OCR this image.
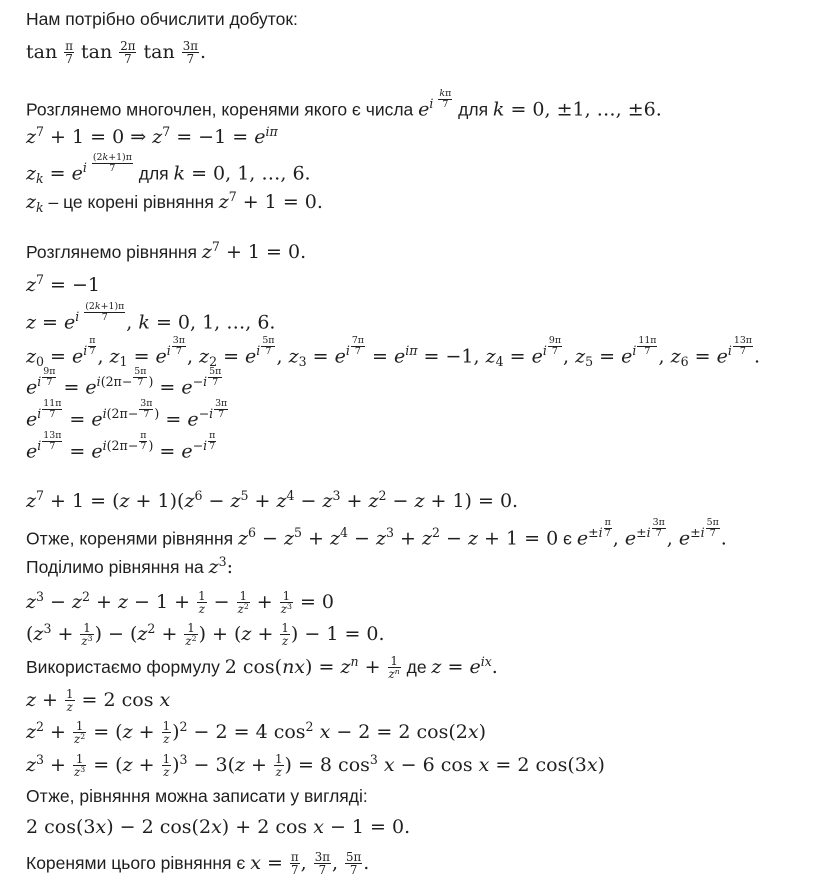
Нам потрібно обчислити добуток:
$\tan \frac{\pi}{7}$ $\tan \frac{2\pi}{7}$ $\tan \frac{3\pi}{7}$ .
Розглянемо многочлен, коренями якого є числа $e^{i \frac{k\pi}{7}}$ для k = 0, ±1, …, ±6.
$z^7 + 1 = 0$ ⇒ $z^7 = -1 = e^{i\pi}$
$z_k = e^{i \frac{(2k+1)\pi}{7}}$ для k = 0, 1, …, 6.
$z_k$ – це корені рівняння $z^7 + 1 = 0$.
Розглянемо рівняння $z^7 + 1 = 0$.
$z^7 = -1$
$z = e^{i \frac{(2k+1)\pi}{7}}$ , k = 0, 1, …, 6.
$z_0 = e^{i \frac{\pi}{7}}$ , $z_1 = e^{i \frac{3\pi}{7}}$ , $z_2 = e^{i \frac{5\pi}{7}}$ , $z_3 = e^{i \frac{7\pi}{7}} = e^{i\pi} = -1$, $z_4 = e^{i \frac{9\pi}{7}}$ , $z_5 = e^{i \frac{11\pi}{7}}$ , $z_6 = e^{i \frac{13\pi}{7}}$ .
$e^{i \frac{9\pi}{7}} = e^{i(2\pi- \frac{5\pi}{7} )} = e^{-i \frac{5\pi}{7}}$
$e^{i \frac{11\pi}{7}} = e^{i(2\pi- \frac{3\pi}{7} )} = e^{-i \frac{3\pi}{7}}$
$e^{i \frac{13\pi}{7}} = e^{i(2\pi- \frac{\pi}{7} )} = e^{-i \frac{\pi}{7}}$
$z^7 + 1 = (z + 1)(z^6 - z^5 + z^4 - z^3 + z^2 - z + 1) = 0$.
Отже, коренями рівняння $z^6 - z^5 + z^4 - z^3 + z^2 - z + 1 = 0$ є $e^{\pm i \frac{\pi}{7}}$ , $e^{\pm i \frac{3\pi}{7}}$ , $e^{\pm i \frac{5\pi}{7}}$ .
Поділимо рівняння на $z^3$:
$z^3 - z^2 + z - 1 + \frac{1}{z} - \frac{1}{z^2} + \frac{1}{z^3} = 0$
($z^3 + \frac{1}{z^3}$ ) − ($z^2 + \frac{1}{z^2}$ ) + ($z + \frac{1}{z}$ ) − 1 = 0.
Використаємо формулу 2 $\cos(nx) = z^n + \frac{1}{z^n}$ де $z = e^{ix}$.
$z + \frac{1}{z} = 2$ cos x
$z^2 + \frac{1}{z^2} = (z + \frac{1}{z} )^2 - 2 = 4$ $\cos^2 x - 2 = 2$ cos(2x)
$z^3 + \frac{1}{z^3} = (z + \frac{1}{z} )^3 - 3(z + \frac{1}{z}$ ) = 8 $\cos^3 x - 6$ cos x = 2 cos(3x)
Отже, рівняння можна записати у вигляді:
2 cos(3x) − 2 cos(2x) + 2 cos x − 1 = 0.
Коренями цього рівняння є $x = \frac{\pi}{7}$ , $\frac{3\pi}{7}$ , $\frac{5\pi}{7}$ .
